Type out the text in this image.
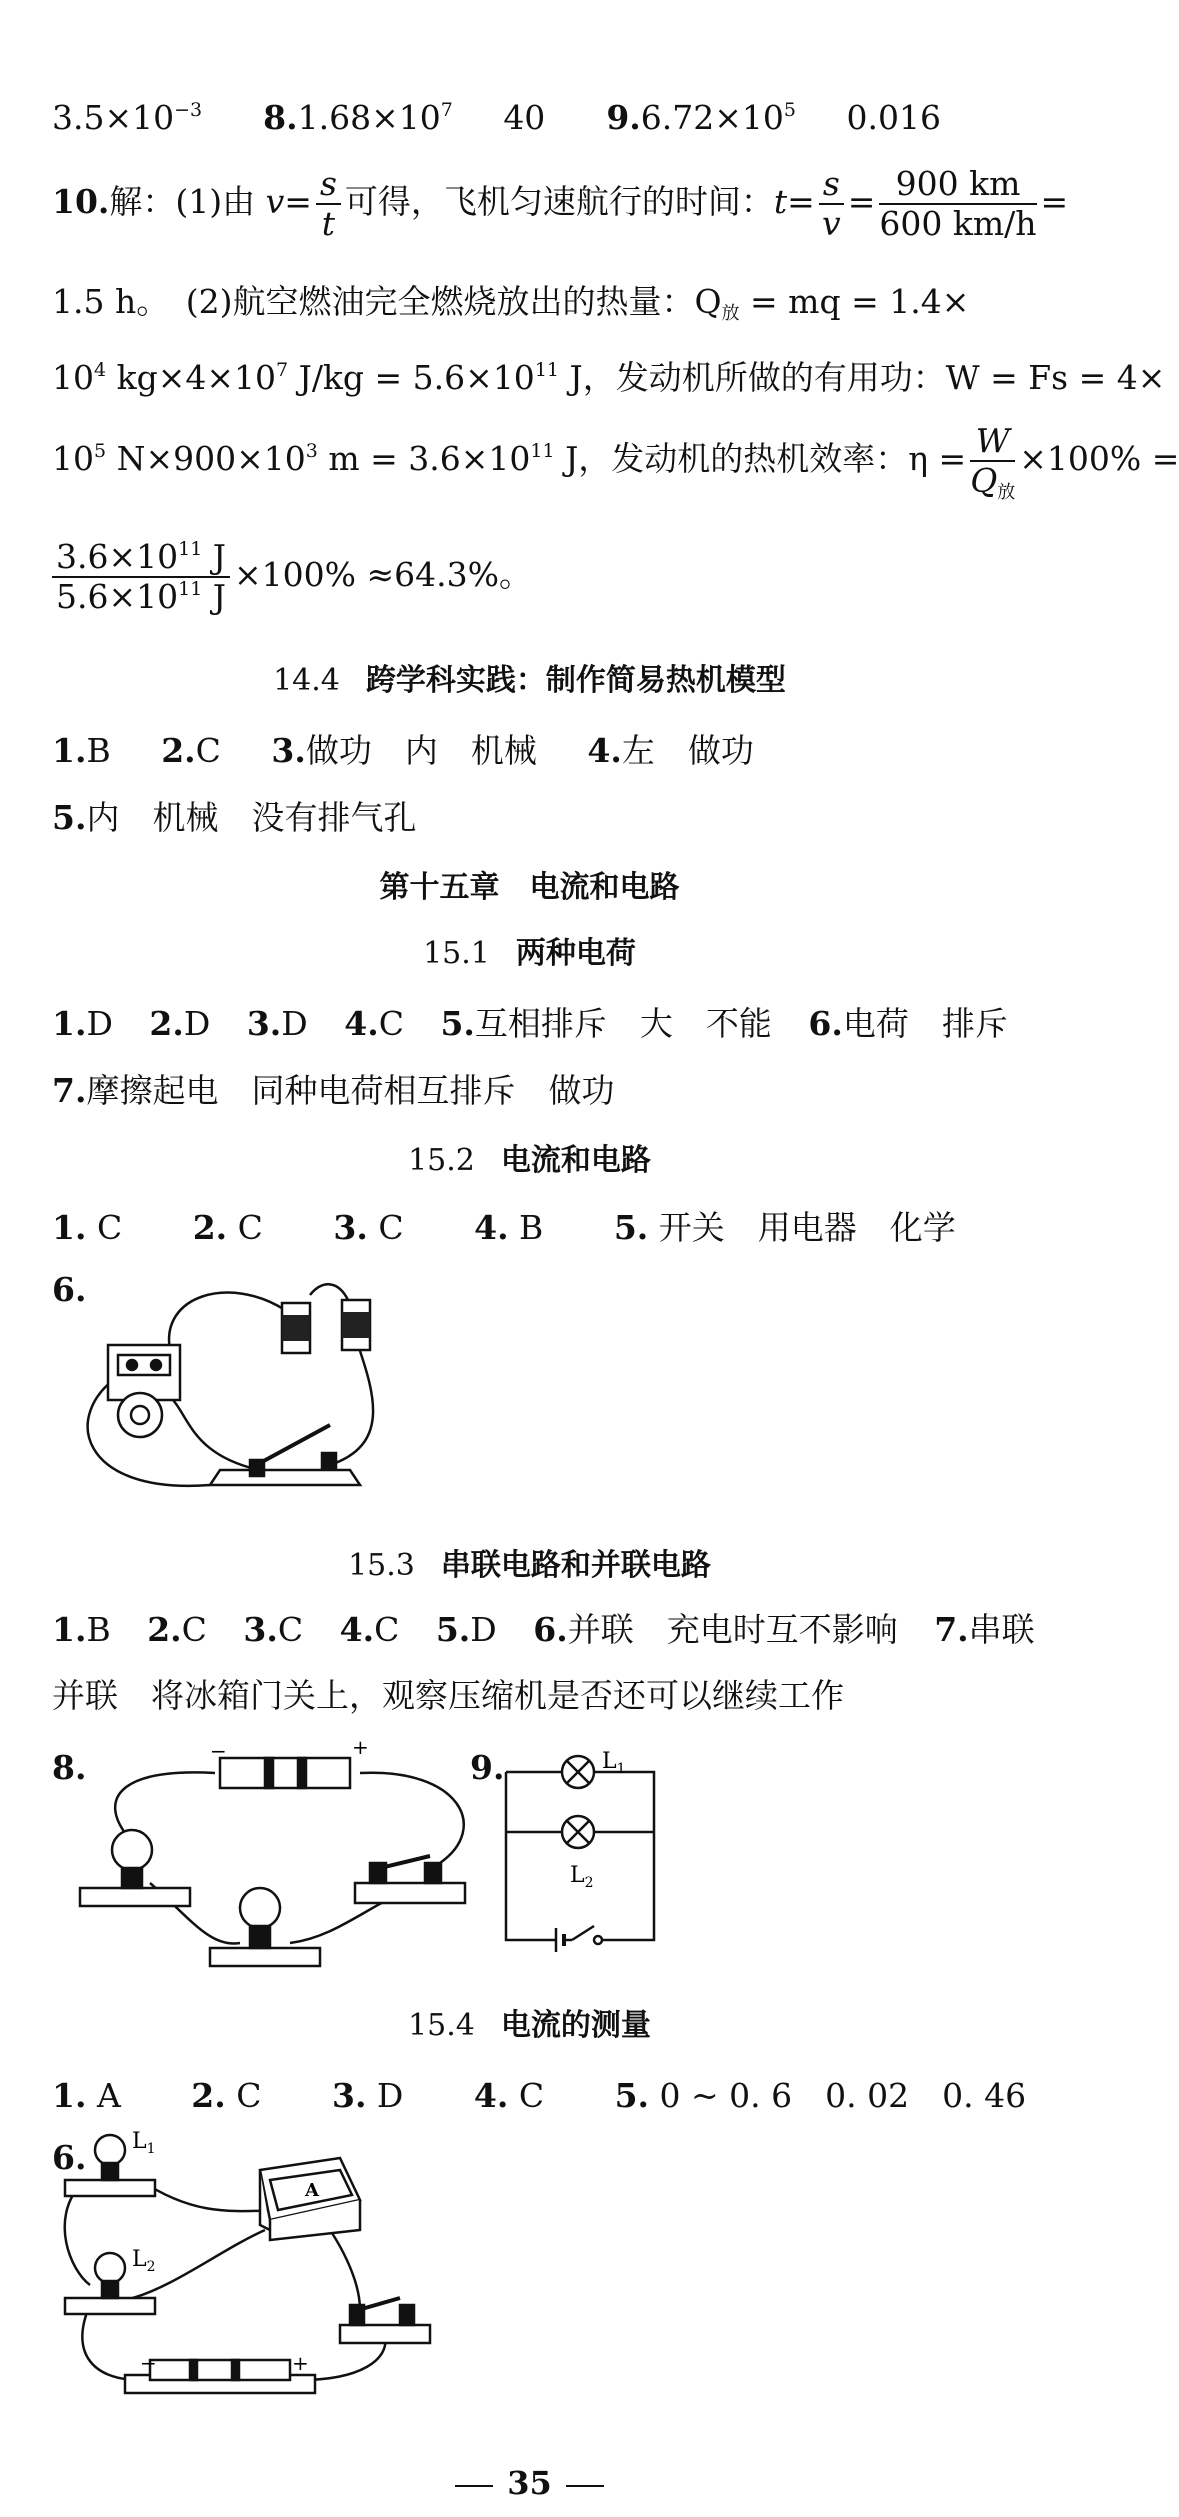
$3.5\times 10^{-3}$ $8.1.68\times 10^7$ 40 $9.6.72\times 10^5$ 0.016
10.解：(1)由 $v= \frac{s}{t}$ 可得，飞机匀速航行的时间：$t= \frac{s}{v} = \frac{900 km}{600 km/h}$ =
1.5 h。　(2)航空燃油完全燃烧放出的热量：$Q_放$ = mq = 1.4×
$10^4$ $kg\times 4\times 10^7$ $J/kg = 5.6\times 10^{11}$ J，发动机所做的有用功：W = Fs = 4×
$10^5$ $N\times 900\times 10^3$ $m = 3.6\times 10^{11}$ J，发动机的热机效率：$\eta = \frac{W}{Q_放} \times 100\%$ =
$\frac{3.6\times 10^{11} J}{5.6\times 10^{11} J} \times 100\% \approx 64.3\%$。
14.4 跨学科实践：制作简易热机模型
1.B 2.C 3.做功　内　机械 4.左　做功
5.内　机械　没有排气孔
第十五章　电流和电路
15.1 两种电荷
1.D 2.D 3.D 4.C 5.互相排斥　大　不能 6.电荷　排斥
7.摩擦起电　同种电荷相互排斥　做功
15.2 电流和电路
1. C 2. C 3. C 4. B 5. 开关　用电器　化学
6.
15.3 串联电路和并联电路
1.B 2.C 3.C 4.C 5.D 6.并联　充电时互不影响 7.串联
并联　将冰箱门关上，观察压缩机是否还可以继续工作
8.	−	+
9.	$L_1$
$L_2$
15.4 电流的测量
1. A 2. C 3. D 4. C 5. 0 ~ 0. 6　0. 02　0. 46
6. $L_1$
$L_2$
A
−	+
35
